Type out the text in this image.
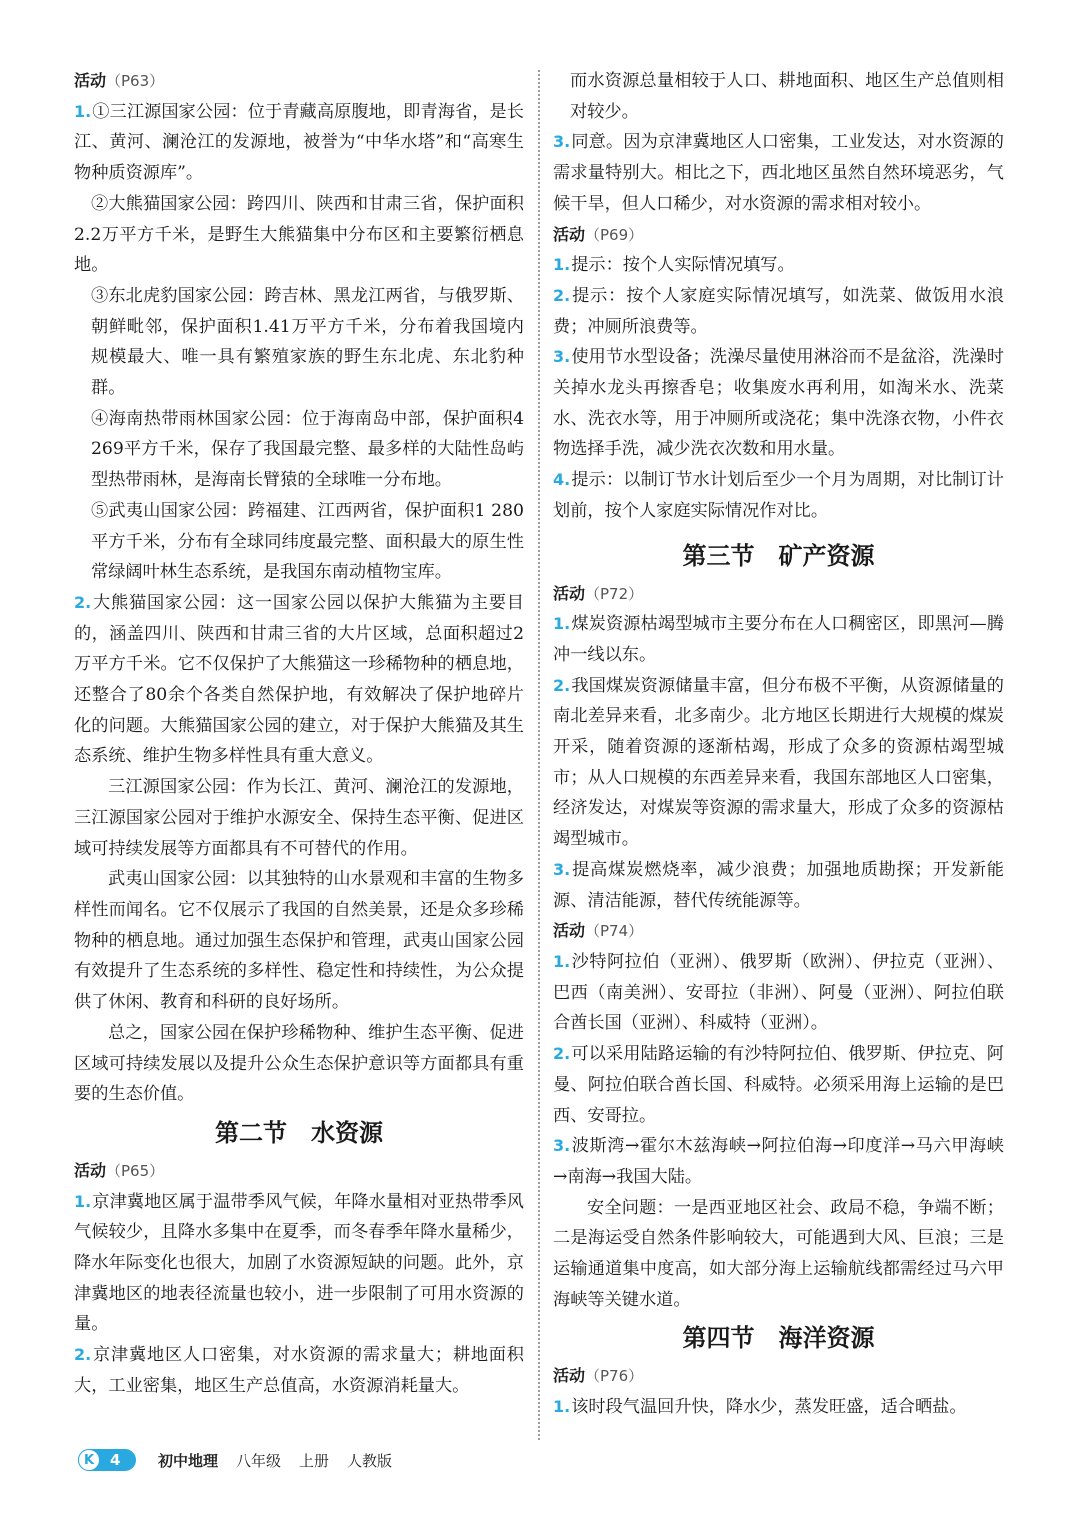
活动（P63）

1.①三江源国家公园：位于青藏高原腹地，即青海省，是长江、黄河、澜沧江的发源地，被誉为“中华水塔”和“高寒生物种质资源库”。

②大熊猫国家公园：跨四川、陕西和甘肃三省，保护面积2.2万平方千米，是野生大熊猫集中分布区和主要繁衍栖息地。

③东北虎豹国家公园：跨吉林、黑龙江两省，与俄罗斯、朝鲜毗邻，保护面积1.41万平方千米，分布着我国境内规模最大、唯一具有繁殖家族的野生东北虎、东北豹种群。

④海南热带雨林国家公园：位于海南岛中部，保护面积4 269平方千米，保存了我国最完整、最多样的大陆性岛屿型热带雨林，是海南长臂猿的全球唯一分布地。

⑤武夷山国家公园：跨福建、江西两省，保护面积1 280平方千米，分布有全球同纬度最完整、面积最大的原生性常绿阔叶林生态系统，是我国东南动植物宝库。

2.大熊猫国家公园：这一国家公园以保护大熊猫为主要目的，涵盖四川、陕西和甘肃三省的大片区域，总面积超过2万平方千米。它不仅保护了大熊猫这一珍稀物种的栖息地，还整合了80余个各类自然保护地，有效解决了保护地碎片化的问题。大熊猫国家公园的建立，对于保护大熊猫及其生态系统、维护生物多样性具有重大意义。

三江源国家公园：作为长江、黄河、澜沧江的发源地，三江源国家公园对于维护水源安全、保持生态平衡、促进区域可持续发展等方面都具有不可替代的作用。

武夷山国家公园：以其独特的山水景观和丰富的生物多样性而闻名。它不仅展示了我国的自然美景，还是众多珍稀物种的栖息地。通过加强生态保护和管理，武夷山国家公园有效提升了生态系统的多样性、稳定性和持续性，为公众提供了休闲、教育和科研的良好场所。

总之，国家公园在保护珍稀物种、维护生态平衡、促进区域可持续发展以及提升公众生态保护意识等方面都具有重要的生态价值。

第二节　水资源

活动（P65）

1.京津冀地区属于温带季风气候，年降水量相对亚热带季风气候较少，且降水多集中在夏季，而冬春季年降水量稀少，降水年际变化也很大，加剧了水资源短缺的问题。此外，京津冀地区的地表径流量也较小，进一步限制了可用水资源的量。

2.京津冀地区人口密集，对水资源的需求量大；耕地面积大，工业密集，地区生产总值高，水资源消耗量大。

而水资源总量相较于人口、耕地面积、地区生产总值则相对较少。

3.同意。因为京津冀地区人口密集，工业发达，对水资源的需求量特别大。相比之下，西北地区虽然自然环境恶劣，气候干旱，但人口稀少，对水资源的需求相对较小。

活动（P69）

1.提示：按个人实际情况填写。

2.提示：按个人家庭实际情况填写，如洗菜、做饭用水浪费；冲厕所浪费等。

3.使用节水型设备；洗澡尽量使用淋浴而不是盆浴，洗澡时关掉水龙头再擦香皂；收集废水再利用，如淘米水、洗菜水、洗衣水等，用于冲厕所或浇花；集中洗涤衣物，小件衣物选择手洗，减少洗衣次数和用水量。

4.提示：以制订节水计划后至少一个月为周期，对比制订计划前，按个人家庭实际情况作对比。

第三节　矿产资源

活动（P72）

1.煤炭资源枯竭型城市主要分布在人口稠密区，即黑河—腾冲一线以东。

2.我国煤炭资源储量丰富，但分布极不平衡，从资源储量的南北差异来看，北多南少。北方地区长期进行大规模的煤炭开采，随着资源的逐渐枯竭，形成了众多的资源枯竭型城市；从人口规模的东西差异来看，我国东部地区人口密集，经济发达，对煤炭等资源的需求量大，形成了众多的资源枯竭型城市。

3.提高煤炭燃烧率，减少浪费；加强地质勘探；开发新能源、清洁能源，替代传统能源等。

活动（P74）

1.沙特阿拉伯（亚洲）、俄罗斯（欧洲）、伊拉克（亚洲）、巴西（南美洲）、安哥拉（非洲）、阿曼（亚洲）、阿拉伯联合酋长国（亚洲）、科威特（亚洲）。

2.可以采用陆路运输的有沙特阿拉伯、俄罗斯、伊拉克、阿曼、阿拉伯联合酋长国、科威特。必须采用海上运输的是巴西、安哥拉。

3.波斯湾→霍尔木兹海峡→阿拉伯海→印度洋→马六甲海峡→南海→我国大陆。

安全问题：一是西亚地区社会、政局不稳，争端不断；二是海运受自然条件影响较大，可能遇到大风、巨浪；三是运输通道集中度高，如大部分海上运输航线都需经过马六甲海峡等关键水道。

第四节　海洋资源

活动（P76）

1.该时段气温回升快，降水少，蒸发旺盛，适合晒盐。

K	4	初中地理 八年级 上册 人教版
